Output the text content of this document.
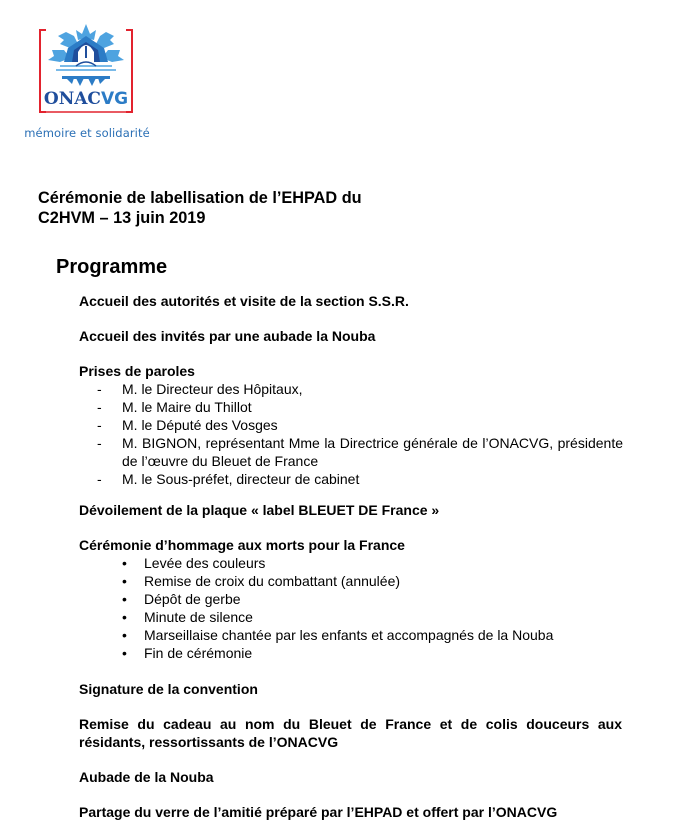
ONACVG
mémoire et solidarité
Cérémonie de labellisation de l’EHPAD du
C2HVM – 13 juin 2019
Programme
Accueil des autorités et visite de la section S.S.R.
Accueil des invités par une aubade la Nouba
Prises de paroles
- M. le Directeur des Hôpitaux,
- M. le Maire du Thillot
- M. le Député des Vosges
- M. BIGNON, représentant Mme la Directrice générale de l’ONACVG, présidente de l’œuvre du Bleuet de France
- M. le Sous-préfet, directeur de cabinet
Dévoilement de la plaque « label BLEUET DE France »
Cérémonie d’hommage aux morts pour la France
• Levée des couleurs
• Remise de croix du combattant (annulée)
• Dépôt de gerbe
• Minute de silence
• Marseillaise chantée par les enfants et accompagnés de la Nouba
• Fin de cérémonie
Signature de la convention
Remise du cadeau au nom du Bleuet de France et de colis douceurs aux résidants, ressortissants de l’ONACVG
Aubade de la Nouba
Partage du verre de l’amitié préparé par l’EHPAD et offert par l’ONACVG
